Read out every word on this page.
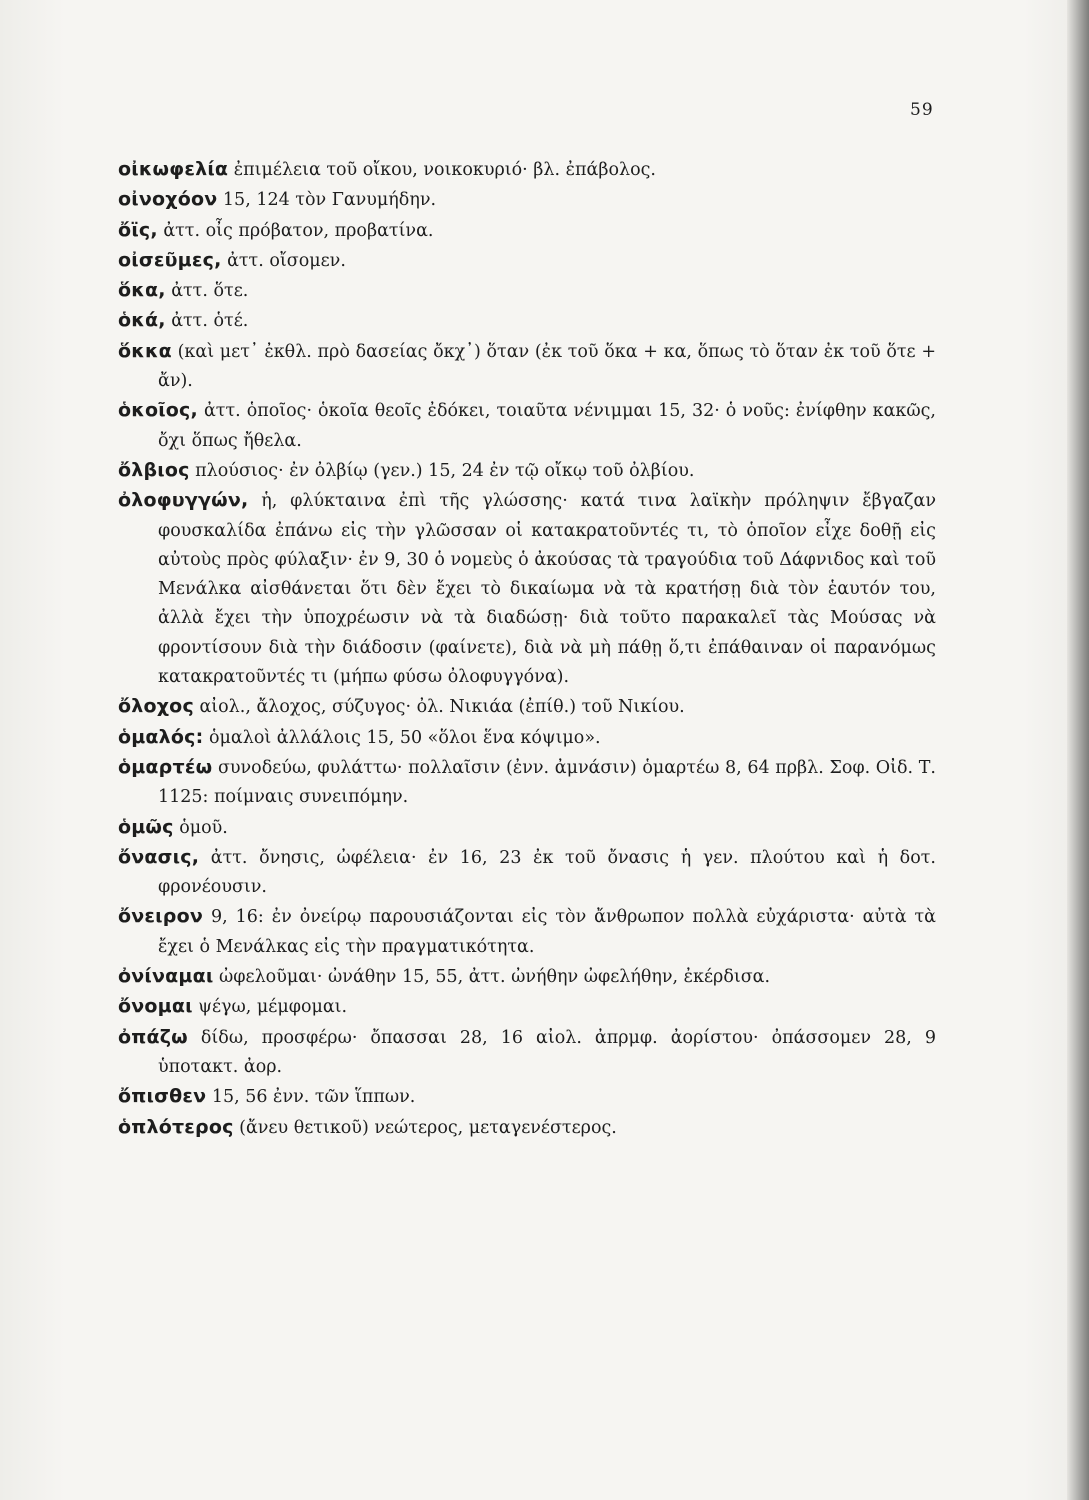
59

οἰκωφελία ἐπιμέλεια τοῦ οἴκου, νοικοκυριό· βλ. ἐπάβολος.

οἰνοχόον 15, 124 τὸν Γανυμήδην.

ὄϊς, ἀττ. οἶς πρόβατον, προβατίνα.

οἰσεῦμες, ἀττ. οἴσομεν.

ὅκα, ἀττ. ὅτε.

ὁκά, ἀττ. ὁτέ.

ὅκκα (καὶ μετ᾽ ἐκθλ. πρὸ δασείας ὄκχ᾽) ὅταν (ἐκ τοῦ ὅκα + κα, ὅπως τὸ ὅταν ἐκ τοῦ ὅτε + ἄν).

ὁκοῖος, ἀττ. ὁποῖος· ὁκοῖα θεοῖς ἐδόκει, τοιαῦτα νένιμμαι 15, 32· ὁ νοῦς: ἐνίφθην κακῶς, ὄχι ὅπως ἤθελα.

ὄλβιος πλούσιος· ἐν ὀλβίῳ (γεν.) 15, 24 ἐν τῷ οἴκῳ τοῦ ὀλβίου.

ὀλοφυγγών, ἡ, φλύκταινα ἐπὶ τῆς γλώσσης· κατά τινα λαϊκὴν πρόληψιν ἔβγαζαν φουσκαλίδα ἐπάνω εἰς τὴν γλῶσσαν οἱ κατακρατοῦντές τι, τὸ ὁποῖον εἶχε δοθῇ εἰς αὐτοὺς πρὸς φύλαξιν· ἐν 9, 30 ὁ νομεὺς ὁ ἀκούσας τὰ τραγούδια τοῦ Δάφνιδος καὶ τοῦ Μενάλκα αἰσθάνεται ὅτι δὲν ἔχει τὸ δικαίωμα νὰ τὰ κρατήσῃ διὰ τὸν ἑαυτόν του, ἀλλὰ ἔχει τὴν ὑποχρέωσιν νὰ τὰ διαδώσῃ· διὰ τοῦτο παρακαλεῖ τὰς Μούσας νὰ φροντίσουν διὰ τὴν διάδοσιν (φαίνετε), διὰ νὰ μὴ πάθῃ ὅ,τι ἐπάθαιναν οἱ παρανόμως κατακρατοῦντές τι (μήπω φύσω ὀλοφυγγόνα).

ὄλοχος αἰολ., ἄλοχος, σύζυγος· ὀλ. Νικιάα (ἐπίθ.) τοῦ Νικίου.

ὁμαλός: ὁμαλοὶ ἀλλάλοις 15, 50 «ὅλοι ἕνα κόψιμο».

ὁμαρτέω συνοδεύω, φυλάττω· πολλαῖσιν (ἐνν. ἀμνάσιν) ὁμαρτέω 8, 64 πρβλ. Σοφ. Οἰδ. Τ. 1125: ποίμναις συνειπόμην.

ὁμῶς ὁμοῦ.

ὄνασις, ἀττ. ὄνησις, ὠφέλεια· ἐν 16, 23 ἐκ τοῦ ὄνασις ἡ γεν. πλούτου καὶ ἡ δοτ. φρονέουσιν.

ὄνειρον 9, 16: ἐν ὀνείρῳ παρουσιάζονται εἰς τὸν ἄνθρωπον πολλὰ εὐχάριστα· αὐτὰ τὰ ἔχει ὁ Μενάλκας εἰς τὴν πραγματικότητα.

ὀνίναμαι ὠφελοῦμαι· ὠνάθην 15, 55, ἀττ. ὠνήθην ὠφελήθην, ἐκέρδισα.

ὄνομαι ψέγω, μέμφομαι.

ὀπάζω δίδω, προσφέρω· ὄπασσαι 28, 16 αἰολ. ἀπρμφ. ἀορίστου· ὀπάσσομεν 28, 9 ὑποτακτ. ἀορ.

ὄπισθεν 15, 56 ἐνν. τῶν ἵππων.

ὁπλότερος (ἄνευ θετικοῦ) νεώτερος, μεταγενέστερος.
